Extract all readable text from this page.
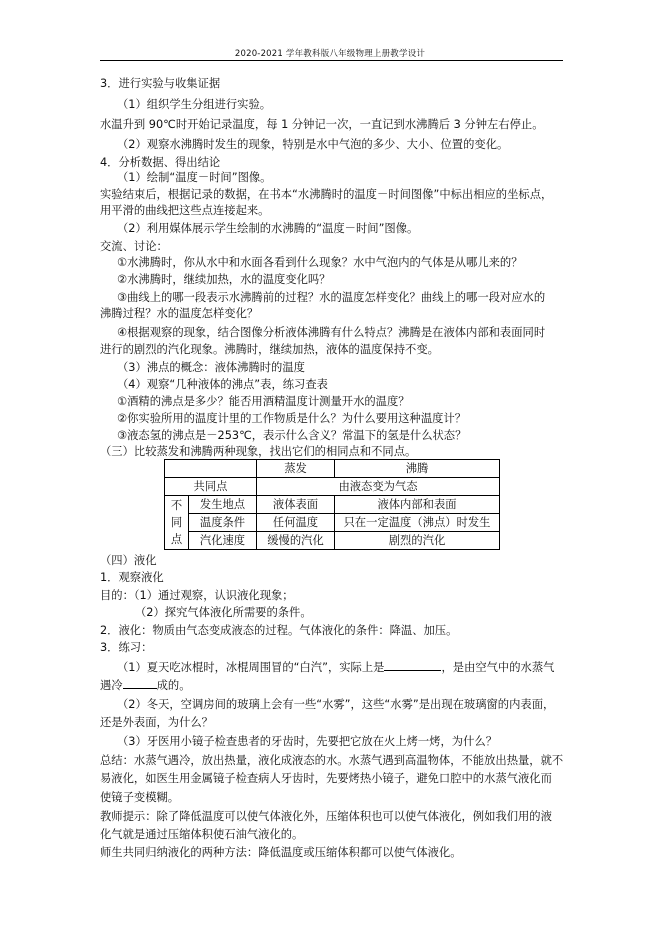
2020-2021 学年教科版八年级物理上册教学设计
3．进行实验与收集证据
（1）组织学生分组进行实验。
水温升到 90℃时开始记录温度，每 1 分钟记一次，一直记到水沸腾后 3 分钟左右停止。
（2）观察水沸腾时发生的现象，特别是水中气泡的多少、大小、位置的变化。
4．分析数据、得出结论
（1）绘制“温度－时间”图像。
实验结束后，根据记录的数据，在书本“水沸腾时的温度－时间图像”中标出相应的坐标点，
用平滑的曲线把这些点连接起来。
（2）利用媒体展示学生绘制的水沸腾的“温度－时间”图像。
交流、讨论：
①水沸腾时，你从水中和水面各看到什么现象？水中气泡内的气体是从哪儿来的？
②水沸腾时，继续加热，水的温度变化吗？
③曲线上的哪一段表示水沸腾前的过程？水的温度怎样变化？曲线上的哪一段对应水的
沸腾过程？水的温度怎样变化？
④根据观察的现象，结合图像分析液体沸腾有什么特点？沸腾是在液体内部和表面同时
进行的剧烈的汽化现象。沸腾时，继续加热，液体的温度保持不变。
（3）沸点的概念：液体沸腾时的温度
（4）观察“几种液体的沸点”表，练习查表
①酒精的沸点是多少？能否用酒精温度计测量开水的温度？
②你实验所用的温度计里的工作物质是什么？为什么要用这种温度计？
③液态氢的沸点是－253℃，表示什么含义？常温下的氢是什么状态？
（三）比较蒸发和沸腾两种现象，找出它们的相同点和不同点。
		蒸发	沸腾
共同点		由液态变为气态	

不
同
点	发生地点	液体表面	液体内部和表面
	温度条件	任何温度	只在一定温度（沸点）时发生
	汽化速度	缓慢的汽化	剧烈的汽化
（四）液化
1．观察液化
目的：（1）通过观察，认识液化现象；
（2）探究气体液化所需要的条件。
2．液化：物质由气态变成液态的过程。气体液化的条件：降温、加压。
3．练习：
（1）夏天吃冰棍时，冰棍周围冒的“白汽”，实际上是	，是由空气中的水蒸气
遇冷	成的。
（2）冬天，空调房间的玻璃上会有一些“水雾”，这些“水雾”是出现在玻璃窗的内表面，
还是外表面，为什么？
（3）牙医用小镜子检查患者的牙齿时，先要把它放在火上烤一烤，为什么？
总结：水蒸气遇冷，放出热量，液化成液态的水。水蒸气遇到高温物体，不能放出热量，就不
易液化，如医生用金属镜子检查病人牙齿时，先要烤热小镜子，避免口腔中的水蒸气液化而
使镜子变模糊。
教师提示：除了降低温度可以使气体液化外，压缩体积也可以使气体液化，例如我们用的液
化气就是通过压缩体积使石油气液化的。
师生共同归纳液化的两种方法：降低温度或压缩体积都可以使气体液化。
